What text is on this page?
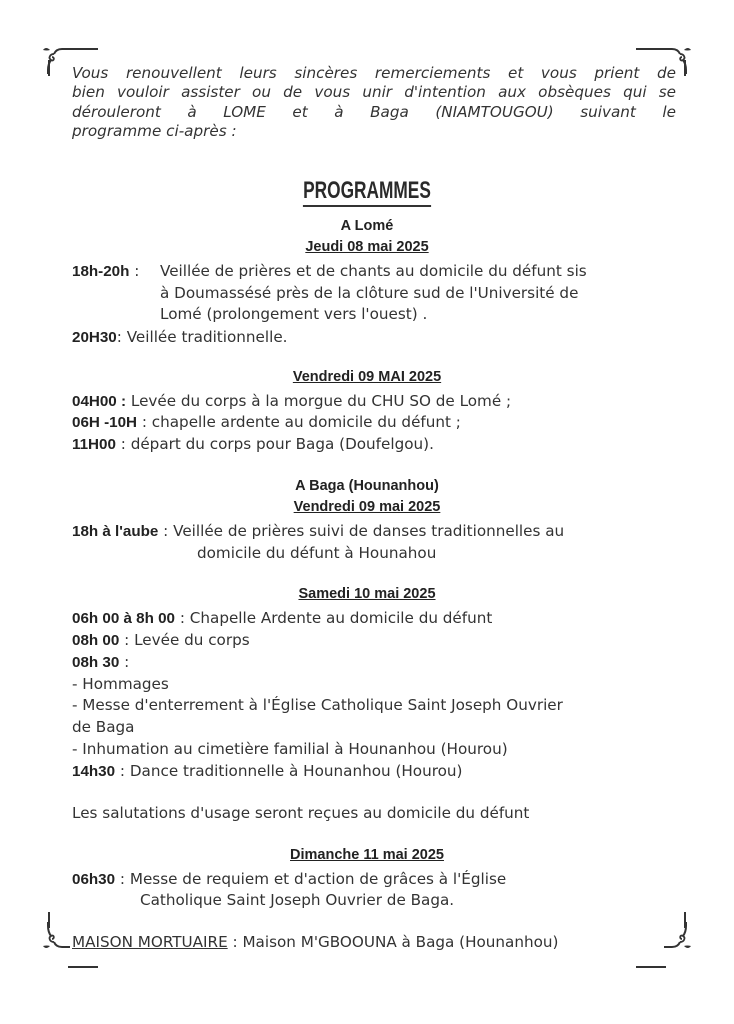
Vous renouvellent leurs sincères remerciements et vous prient de
bien vouloir assister ou de vous unir d'intention aux obsèques qui se
dérouleront à LOME et à Baga (NIAMTOUGOU) suivant le
programme ci-après :
PROGRAMMES
A Lomé
Jeudi 08 mai 2025
18h-20h : Veillée de prières et de chants au domicile du défunt sis
à Doumassésé près de la clôture sud de l'Université de
Lomé (prolongement vers l'ouest) .
20H30: Veillée traditionnelle.
Vendredi 09 MAI 2025
04H00 : Levée du corps à la morgue du CHU SO de Lomé ;
06H -10H : chapelle ardente au domicile du défunt ;
11H00 : départ du corps pour Baga (Doufelgou).
A Baga (Hounanhou)
Vendredi 09 mai 2025
18h à l'aube : Veillée de prières suivi de danses traditionnelles au
domicile du défunt à Hounahou
Samedi 10 mai 2025
06h 00 à 8h 00 : Chapelle Ardente au domicile du défunt
08h 00 : Levée du corps
08h 30 :
- Hommages
- Messe d'enterrement à l'Église Catholique Saint Joseph Ouvrier
de Baga
- Inhumation au cimetière familial à Hounanhou (Hourou)
14h30 : Dance traditionnelle à Hounanhou (Hourou)
Les salutations d'usage seront reçues au domicile du défunt
Dimanche 11 mai 2025
06h30 : Messe de requiem et d'action de grâces à l'Église
Catholique Saint Joseph Ouvrier de Baga.
MAISON MORTUAIRE : Maison M'GBOOUNA à Baga (Hounanhou)
